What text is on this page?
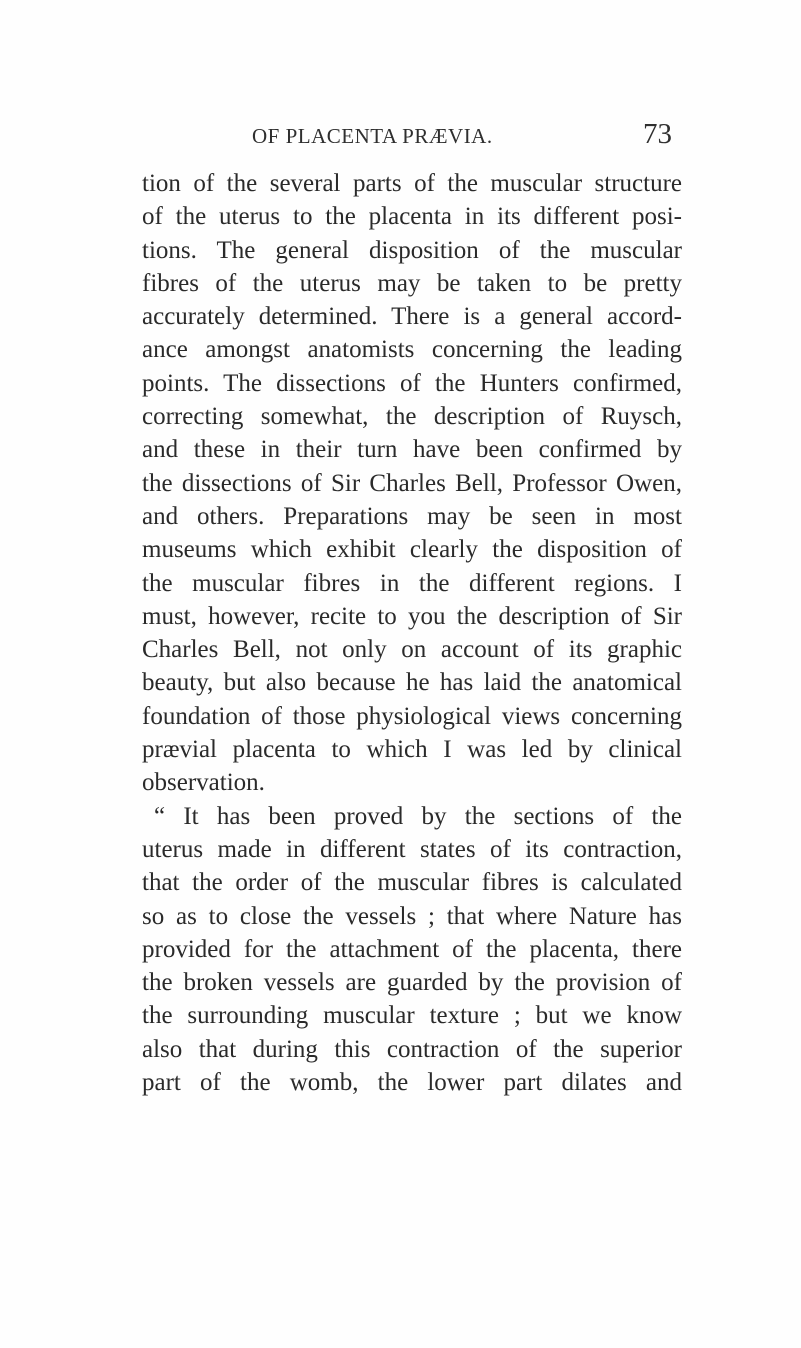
OF PLACENTA PRÆVIA.	73
tion of the several parts of the muscular structure
of the uterus to the placenta in its different posi-
tions. The general disposition of the muscular
fibres of the uterus may be taken to be pretty
accurately determined. There is a general accord-
ance amongst anatomists concerning the leading
points. The dissections of the Hunters confirmed,
correcting somewhat, the description of Ruysch,
and these in their turn have been confirmed by
the dissections of Sir Charles Bell, Professor Owen,
and others. Preparations may be seen in most
museums which exhibit clearly the disposition of
the muscular fibres in the different regions. I
must, however, recite to you the description of Sir
Charles Bell, not only on account of its graphic
beauty, but also because he has laid the anatomical
foundation of those physiological views concerning
prævial placenta to which I was led by clinical
observation.
“ It has been proved by the sections of the
uterus made in different states of its contraction,
that the order of the muscular fibres is calculated
so as to close the vessels ; that where Nature has
provided for the attachment of the placenta, there
the broken vessels are guarded by the provision of
the surrounding muscular texture ; but we know
also that during this contraction of the superior
part of the womb, the lower part dilates and
